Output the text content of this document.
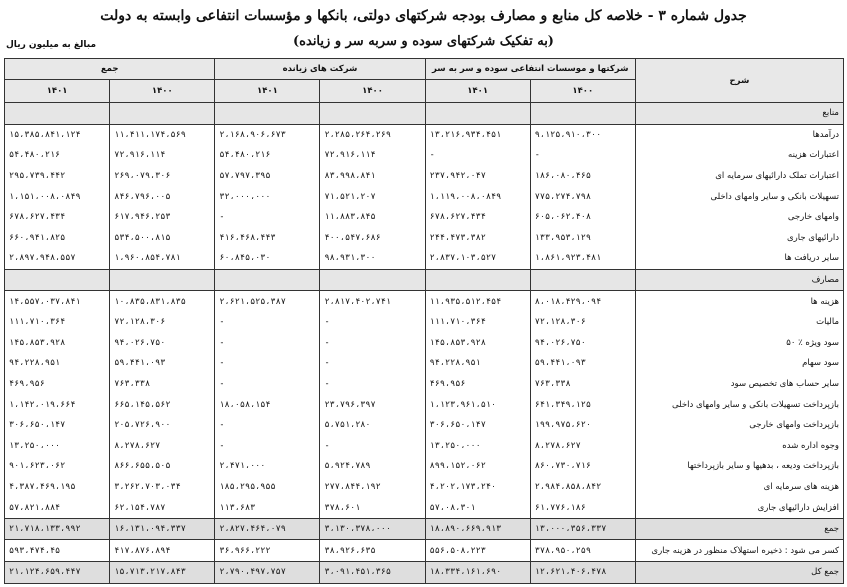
جدول شماره ۳ - خلاصه کل منابع و مصارف بودجه شرکتهای دولتی، بانکها و مؤسسات انتفاعی وابسته به دولت
(به تفکیک شرکتهای سوده و سربه سر و زیانده)
مبالغ به میلیون ریال
شرح	شرکتها و موسسات انتفاعی سوده و سر به سر		شرکت های زیانده		جمع	
	۱۴۰۰	۱۴۰۱	۱۴۰۰	۱۴۰۱	۱۴۰۰	۱۴۰۱
منابع						
درآمدها	۹،۱۲۵،۹۱۰،۳۰۰	۱۳،۲۱۶،۹۳۴،۴۵۱	۲،۲۸۵،۲۶۴،۲۶۹	۲،۱۶۸،۹۰۶،۶۷۳	۱۱،۴۱۱،۱۷۴،۵۶۹	۱۵،۳۸۵،۸۴۱،۱۲۴
اعتبارات هزینه	-	-	۷۲،۹۱۶،۱۱۴	۵۴،۴۸۰،۲۱۶	۷۲،۹۱۶،۱۱۴	۵۴،۴۸۰،۲۱۶
اعتبارات تملک دارائیهای سرمایه ای	۱۸۶،۰۸۰،۴۶۵	۲۳۷،۹۴۲،۰۴۷	۸۳،۹۹۸،۸۴۱	۵۷،۷۹۷،۳۹۵	۲۶۹،۰۷۹،۳۰۶	۲۹۵،۷۳۹،۴۴۲
تسهیلات بانکی و سایر وامهای داخلی	۷۷۵،۲۷۴،۷۹۸	۱،۱۱۹،۰۰۸،۰۸۴۹	۷۱،۵۲۱،۲۰۷	۳۲،۰۰۰،۰۰۰	۸۴۶،۷۹۶،۰۰۵	۱،۱۵۱،۰۰۸،۰۸۴۹
وامهای خارجی	۶۰۵،۰۶۲،۴۰۸	۶۷۸،۶۲۷،۴۳۴	۱۱،۸۸۳،۸۴۵	-	۶۱۷،۹۴۶،۲۵۳	۶۷۸،۶۲۷،۴۳۴
دارائیهای جاری	۱۳۳،۹۵۳،۱۲۹	۲۴۴،۴۷۳،۳۸۲	۴۰۰،۵۴۷،۶۸۶	۴۱۶،۴۶۸،۴۴۳	۵۳۴،۵۰۰،۸۱۵	۶۶۰،۹۴۱،۸۲۵
سایر دریافت ها	۱،۸۶۱،۹۲۳،۴۸۱	۲،۸۳۷،۱۰۳،۵۲۷	۹۸،۹۳۱،۳۰۰	۶۰،۸۴۵،۰۳۰	۱،۹۶۰،۸۵۴،۷۸۱	۲،۸۹۷،۹۴۸،۵۵۷
مصارف						
هزینه ها	۸،۰۱۸،۴۲۹،۰۹۴	۱۱،۹۳۵،۵۱۲،۴۵۴	۲،۸۱۷،۴۰۲،۷۴۱	۲،۶۲۱،۵۲۵،۳۸۷	۱۰،۸۳۵،۸۳۱،۸۳۵	۱۴،۵۵۷،۰۳۷،۸۴۱
مالیات	۷۲،۱۲۸،۳۰۶	۱۱۱،۷۱۰،۳۶۴	-	-	۷۲،۱۲۸،۳۰۶	۱۱۱،۷۱۰،۳۶۴
سود ویژه ٪ ۵۰	۹۴،۰۲۶،۷۵۰	۱۴۵،۸۵۳،۹۲۸	-	-	۹۴،۰۲۶،۷۵۰	۱۴۵،۸۵۳،۹۲۸
سود سهام	۵۹،۴۴۱،۰۹۳	۹۴،۲۲۸،۹۵۱	-	-	۵۹،۴۴۱،۰۹۳	۹۴،۲۲۸،۹۵۱
سایر حساب های تخصیص سود	۷۶۳،۳۳۸	۴۶۹،۹۵۶	-	-	۷۶۳،۳۳۸	۴۶۹،۹۵۶
بازپرداخت تسهیلات بانکی و سایر وامهای داخلی	۶۴۱،۳۴۹،۱۲۵	۱،۱۲۳،۹۶۱،۵۱۰	۲۳،۷۹۶،۳۹۷	۱۸،۰۵۸،۱۵۴	۶۶۵،۱۴۵،۵۶۲	۱،۱۴۲،۰۱۹،۶۶۴
بازپرداخت وامهای خارجی	۱۹۹،۹۷۵،۶۲۰	۳۰۶،۶۵۰،۱۴۷	۵،۷۵۱،۲۸۰	-	۲۰۵،۷۲۶،۹۰۰	۳۰۶،۶۵۰،۱۴۷
وجوه اداره شده	۸،۲۷۸،۶۲۷	۱۳،۲۵۰،۰۰۰	-	-	۸،۲۷۸،۶۲۷	۱۳،۲۵۰،۰۰۰
بازپرداخت ودیعه ، بدهیها و سایر بازپرداختها	۸۶۰،۷۳۰،۷۱۶	۸۹۹،۱۵۲،۰۶۲	۵،۹۲۴،۷۸۹	۲،۴۷۱،۰۰۰	۸۶۶،۶۵۵،۵۰۵	۹۰۱،۶۲۳،۰۶۲
هزینه های سرمایه ای	۲،۹۸۴،۸۵۸،۸۴۲	۴،۲۰۲،۱۷۳،۲۴۰	۲۷۷،۸۴۴،۱۹۲	۱۸۵،۲۹۵،۹۵۵	۳،۲۶۲،۷۰۳،۰۳۴	۴،۳۸۷،۴۶۹،۱۹۵
افزایش دارائیهای جاری	۶۱،۷۷۶،۱۸۶	۵۷،۰۸،۳۰۱	۳۷۸،۶۰۱	۱۱۳،۶۸۳	۶۲،۱۵۴،۷۸۷	۵۷،۸۲۱،۸۸۴
جمع	۱۳،۰۰۰،۳۵۶،۳۳۷	۱۸،۸۹۰،۶۶۹،۹۱۳	۳،۱۳۰،۳۷۸،۰۰۰	۲،۸۲۷،۴۶۴،۰۷۹	۱۶،۱۳۱،۰۹۴،۳۳۷	۲۱،۷۱۸،۱۳۳،۹۹۲
کسر می شود : ذخیره استهلاک منظور در هزینه جاری	۳۷۸،۹۵۰،۲۵۹	۵۵۶،۵۰۸،۲۲۳	۳۸،۹۲۶،۶۳۵	۳۶،۹۶۶،۲۲۲	۴۱۷،۸۷۶،۸۹۴	۵۹۳،۴۷۴،۴۵
جمع کل	۱۲،۶۲۱،۴۰۶،۴۷۸	۱۸،۳۳۴،۱۶۱،۶۹۰	۳،۰۹۱،۴۵۱،۳۶۵	۲،۷۹۰،۴۹۷،۷۵۷	۱۵،۷۱۳،۲۱۷،۸۴۳	۲۱،۱۲۴،۶۵۹،۴۴۷
